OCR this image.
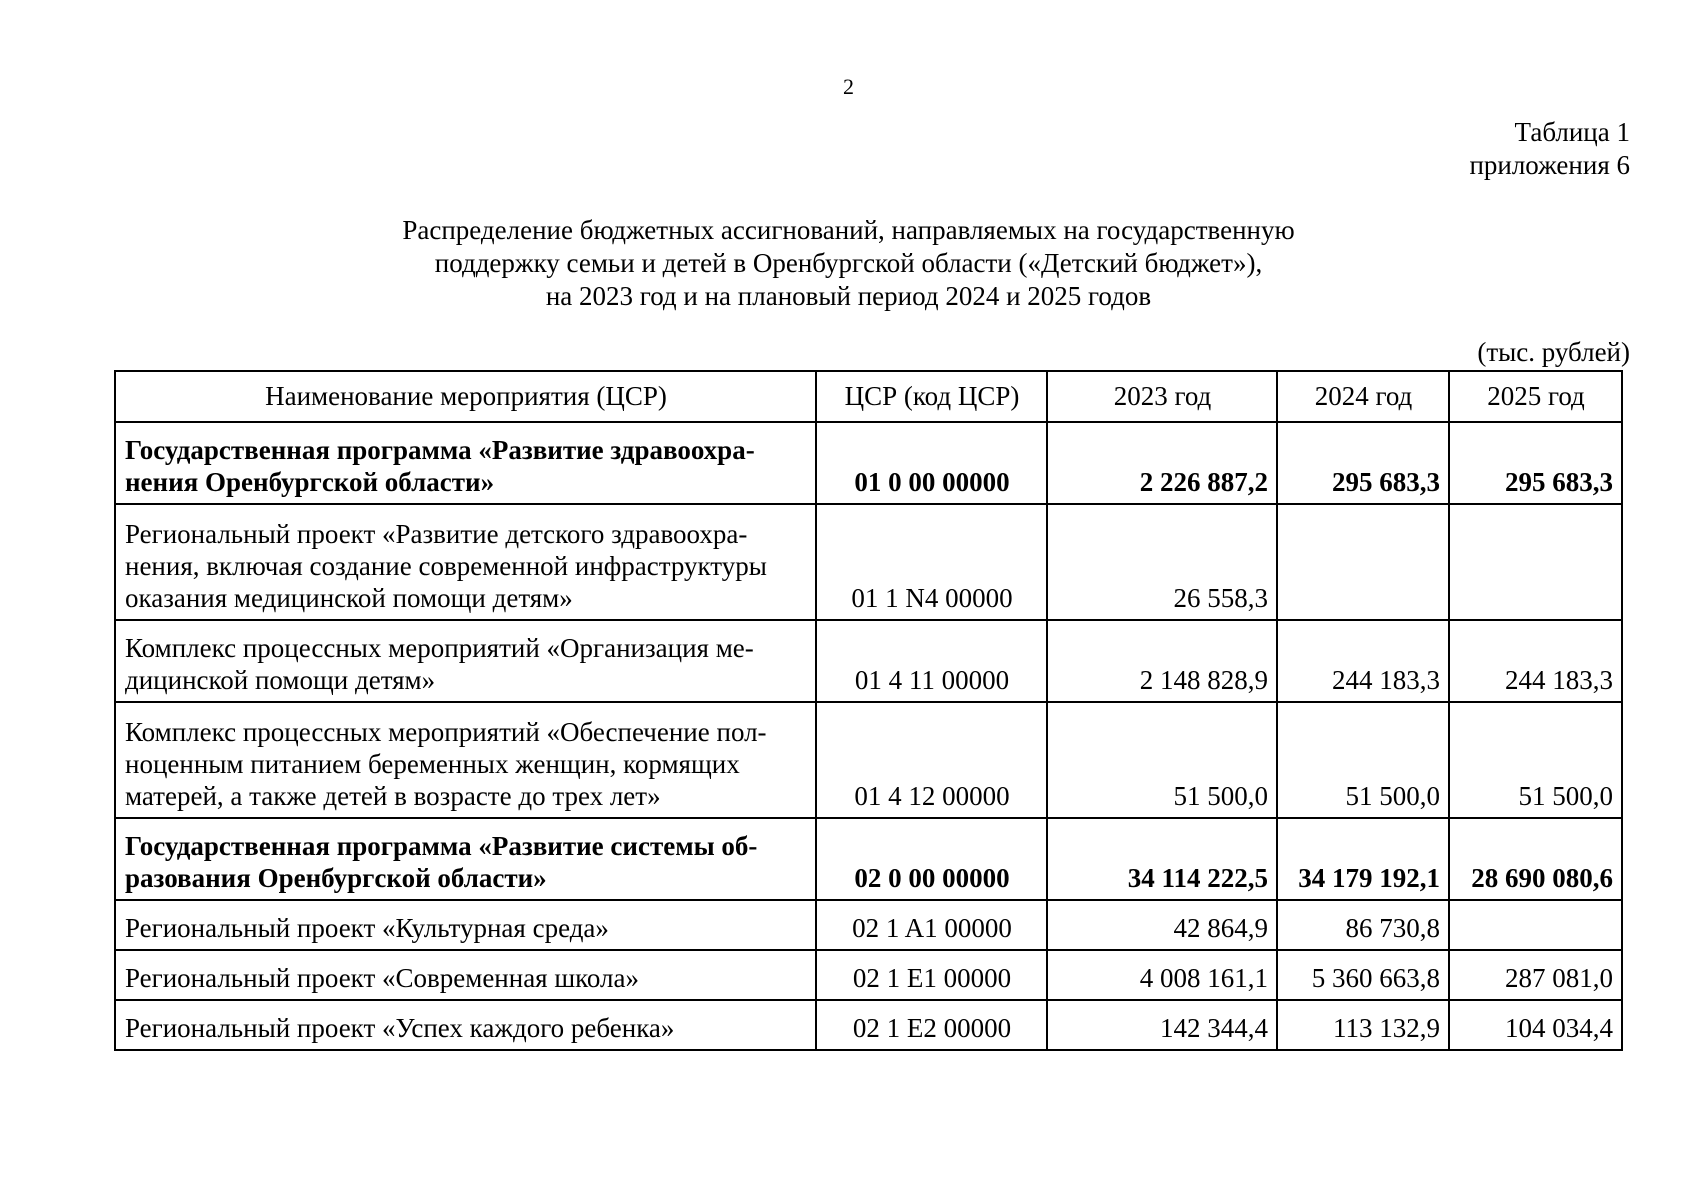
2
Таблица 1
приложения 6
Распределение бюджетных ассигнований, направляемых на государственную
поддержку семьи и детей в Оренбургской области («Детский бюджет»),
на 2023 год и на плановый период 2024 и 2025 годов
(тыс. рублей)
Наименование мероприятия (ЦСР)	ЦСР (код ЦСР)	2023 год	2024 год	2025 год

Государственная программа «Развитие здравоохра-
нения Оренбургской области»	01 0 00 00000	2 226 887,2	295 683,3	295 683,3

Региональный проект «Развитие детского здравоохра-
нения, включая создание современной инфраструктуры
оказания медицинской помощи детям»	01 1 N4 00000	26 558,3		

Комплекс процессных мероприятий «Организация ме-
дицинской помощи детям»	01 4 11 00000	2 148 828,9	244 183,3	244 183,3

Комплекс процессных мероприятий «Обеспечение пол-
ноценным питанием беременных женщин, кормящих
матерей, а также детей в возрасте до трех лет»	01 4 12 00000	51 500,0	51 500,0	51 500,0

Государственная программа «Развитие системы об-
разования Оренбургской области»	02 0 00 00000	34 114 222,5	34 179 192,1	28 690 080,6

Региональный проект «Культурная среда»	02 1 A1 00000	42 864,9	86 730,8	

Региональный проект «Современная школа»	02 1 E1 00000	4 008 161,1	5 360 663,8	287 081,0

Региональный проект «Успех каждого ребенка»	02 1 E2 00000	142 344,4	113 132,9	104 034,4
